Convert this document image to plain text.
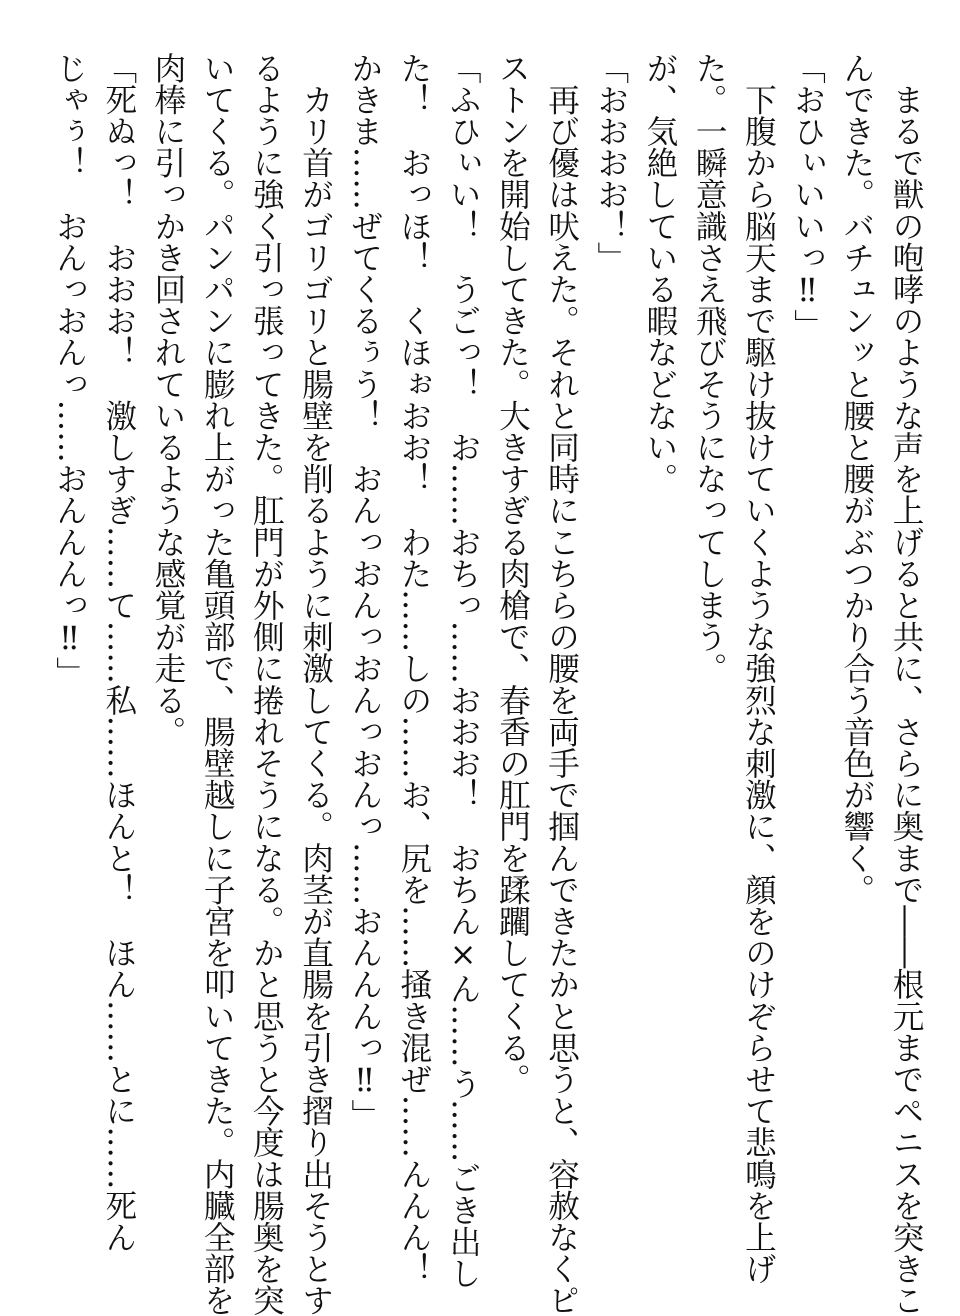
　まるで獣の咆哮のような声を上げると共に、さらに奥まで――根元までペニスを突きこ
んできた。バチュンッと腰と腰がぶつかり合う音色が響く。
「おひぃいいっ‼」
　下腹から脳天まで駆け抜けていくような強烈な刺激に、顔をのけぞらせて悲鳴を上げ
た。一瞬意識さえ飛びそうになってしまう。
が、気絶している暇などない。
「おおおお！」
　再び優は吠えた。それと同時にこちらの腰を両手で掴んできたかと思うと、容赦なくピ
ストンを開始してきた。大きすぎる肉槍で、春香の肛門を蹂躙してくる。
「ふひぃい！　うごっ！　お……おちっ……おおお！　おちん×ん……う……ごき出し
た！　おっほ！　くほぉおお！　わた……しの……お、尻を……掻き混ぜ……んんん！
かきま……ぜてくるぅう！　おんっおんっおんっおんっ……おんんんっ‼」
　カリ首がゴリゴリと腸壁を削るように刺激してくる。肉茎が直腸を引き摺り出そうとす
るように強く引っ張ってきた。肛門が外側に捲れそうになる。かと思うと今度は腸奥を突
いてくる。パンパンに膨れ上がった亀頭部で、腸壁越しに子宮を叩いてきた。内臓全部を
肉棒に引っかき回されているような感覚が走る。
「死ぬっ！　おおお！　激しすぎ……て……私……ほんと！　ほん……とに……死ん
じゃぅ！　おんっおんっ……おんんんっ‼」
